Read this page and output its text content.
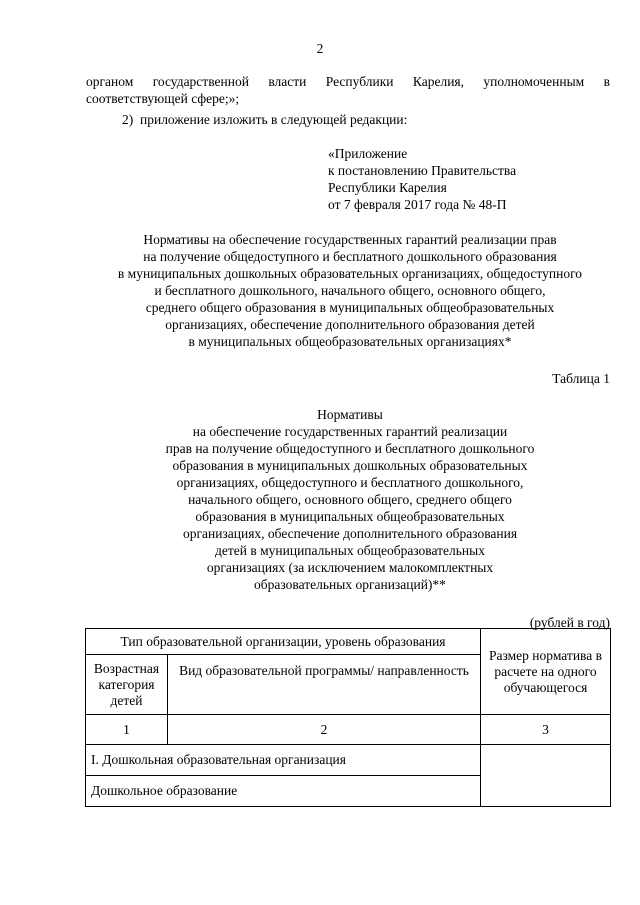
2
органом государственной власти Республики Карелия, уполномоченным в соответствующей сфере;»;
2)  приложение изложить в следующей редакции:
«Приложение
к постановлению Правительства
Республики Карелия
от 7 февраля 2017 года № 48-П
Нормативы на обеспечение государственных гарантий реализации прав
на получение общедоступного и бесплатного дошкольного образования
в муниципальных дошкольных образовательных организациях, общедоступного
и бесплатного дошкольного, начального общего, основного общего,
среднего общего образования в муниципальных общеобразовательных
организациях, обеспечение дополнительного образования детей
в муниципальных общеобразовательных организациях*
Таблица 1
Нормативы
на обеспечение государственных гарантий реализации
прав на получение общедоступного и бесплатного дошкольного
образования в муниципальных дошкольных образовательных
организациях, общедоступного и бесплатного дошкольного,
начального общего, основного общего, среднего общего
образования в муниципальных общеобразовательных
организациях, обеспечение дополнительного образования
детей в муниципальных общеобразовательных
организациях (за исключением малокомплектных
образовательных организаций)**
(рублей в год)
Тип образовательной организации, уровень образования		Размер норматива в расчете на одного обучающегося
Возрастная категория детей	Вид образовательной программы/ направленность	
1	2	3
I. Дошкольная образовательная организация		
Дошкольное образование		
